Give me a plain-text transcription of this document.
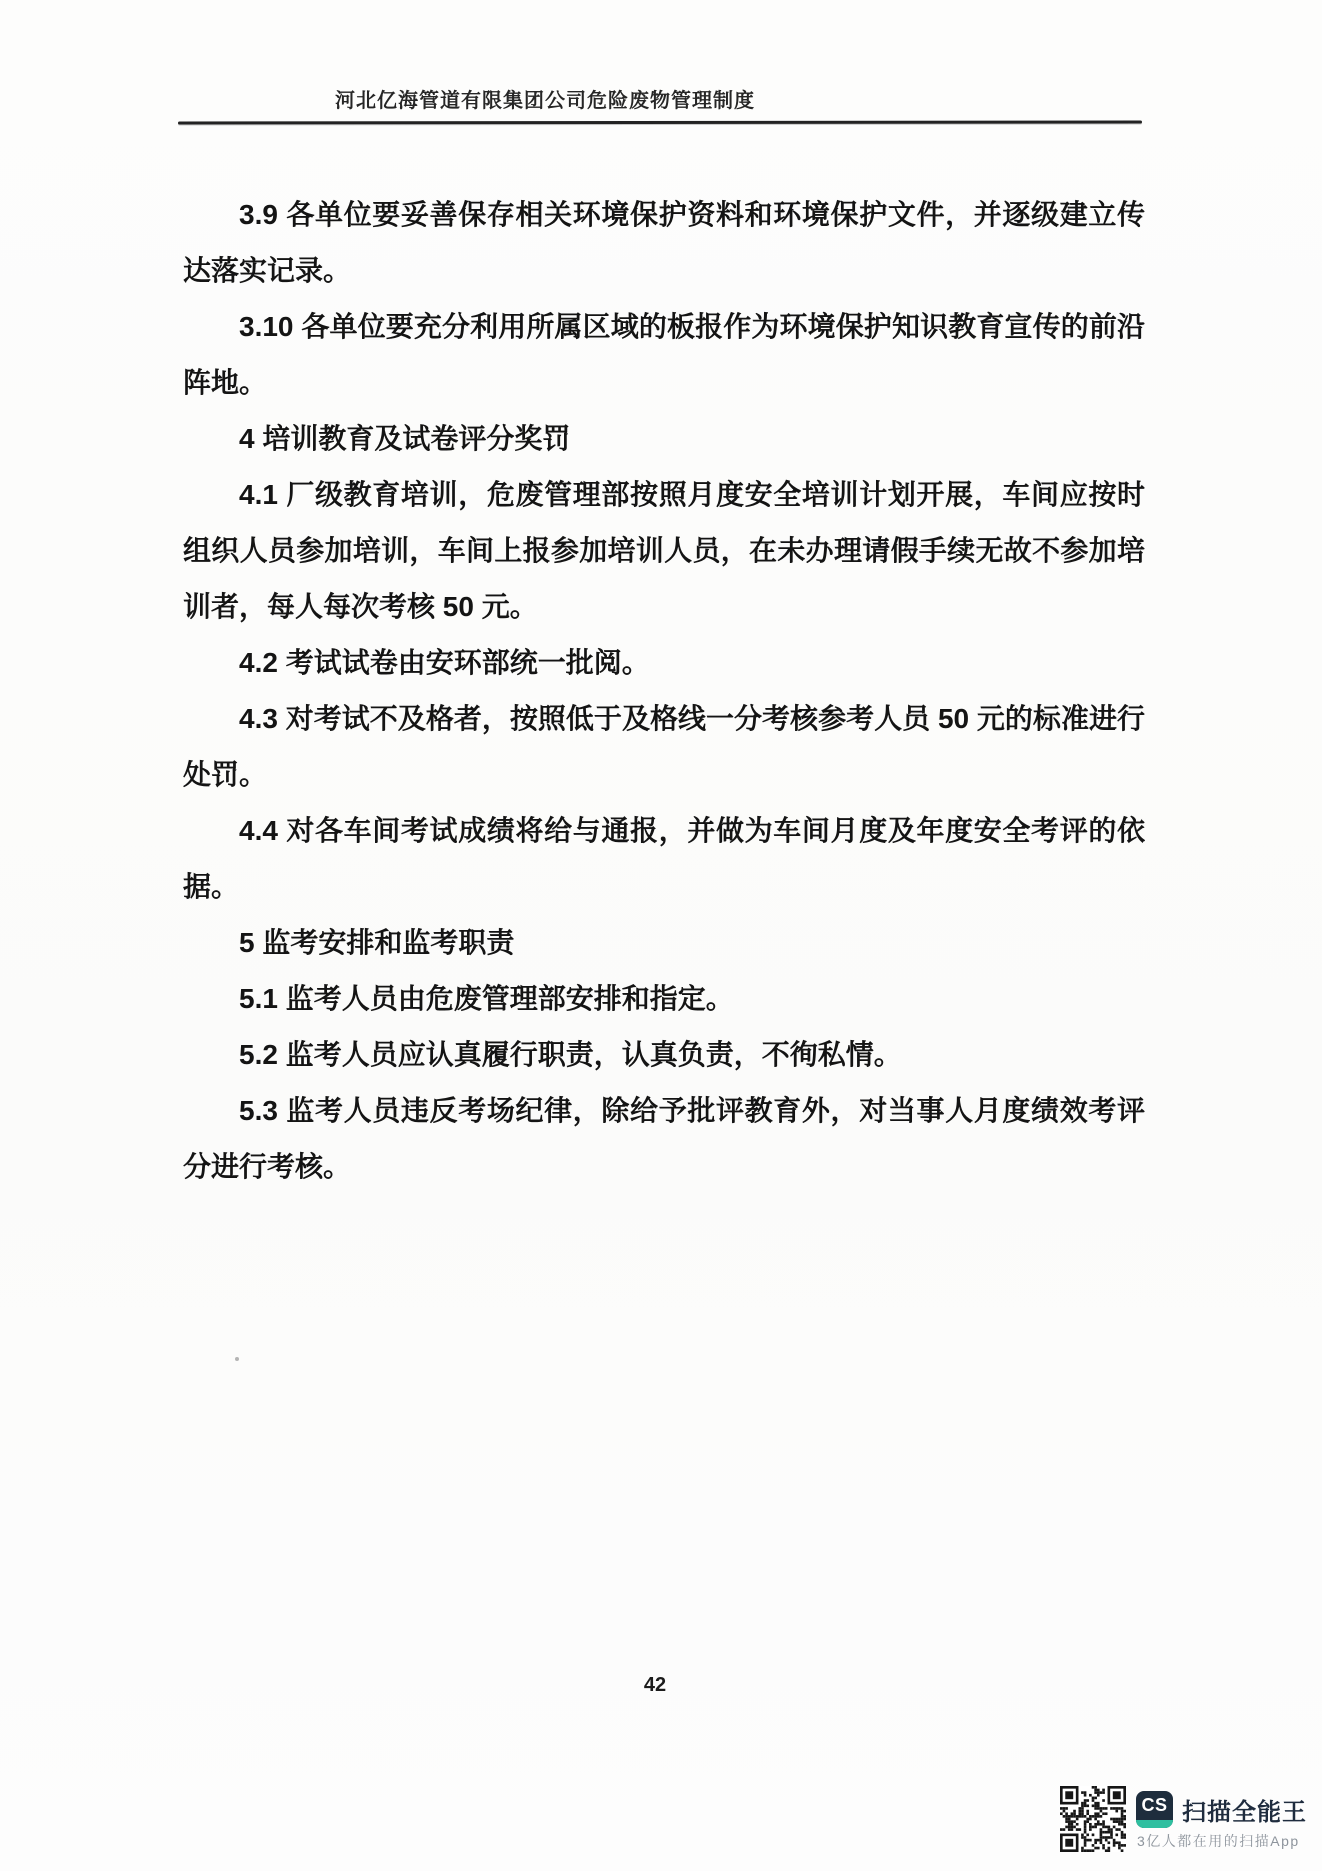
河北亿海管道有限集团公司危险废物管理制度

3.9 各单位要妥善保存相关环境保护资料和环境保护文件，并逐级建立传达落实记录。

3.10 各单位要充分利用所属区域的板报作为环境保护知识教育宣传的前沿阵地。

4 培训教育及试卷评分奖罚

4.1 厂级教育培训，危废管理部按照月度安全培训计划开展，车间应按时组织人员参加培训，车间上报参加培训人员，在未办理请假手续无故不参加培训者，每人每次考核 50 元。

4.2 考试试卷由安环部统一批阅。

4.3 对考试不及格者，按照低于及格线一分考核参考人员 50 元的标准进行处罚。

4.4 对各车间考试成绩将给与通报，并做为车间月度及年度安全考评的依据。

5 监考安排和监考职责

5.1 监考人员由危废管理部安排和指定。

5.2 监考人员应认真履行职责，认真负责，不徇私情。

5.3 监考人员违反考场纪律，除给予批评教育外，对当事人月度绩效考评分进行考核。

42
CS 扫描全能王
3亿人都在用的扫描App
